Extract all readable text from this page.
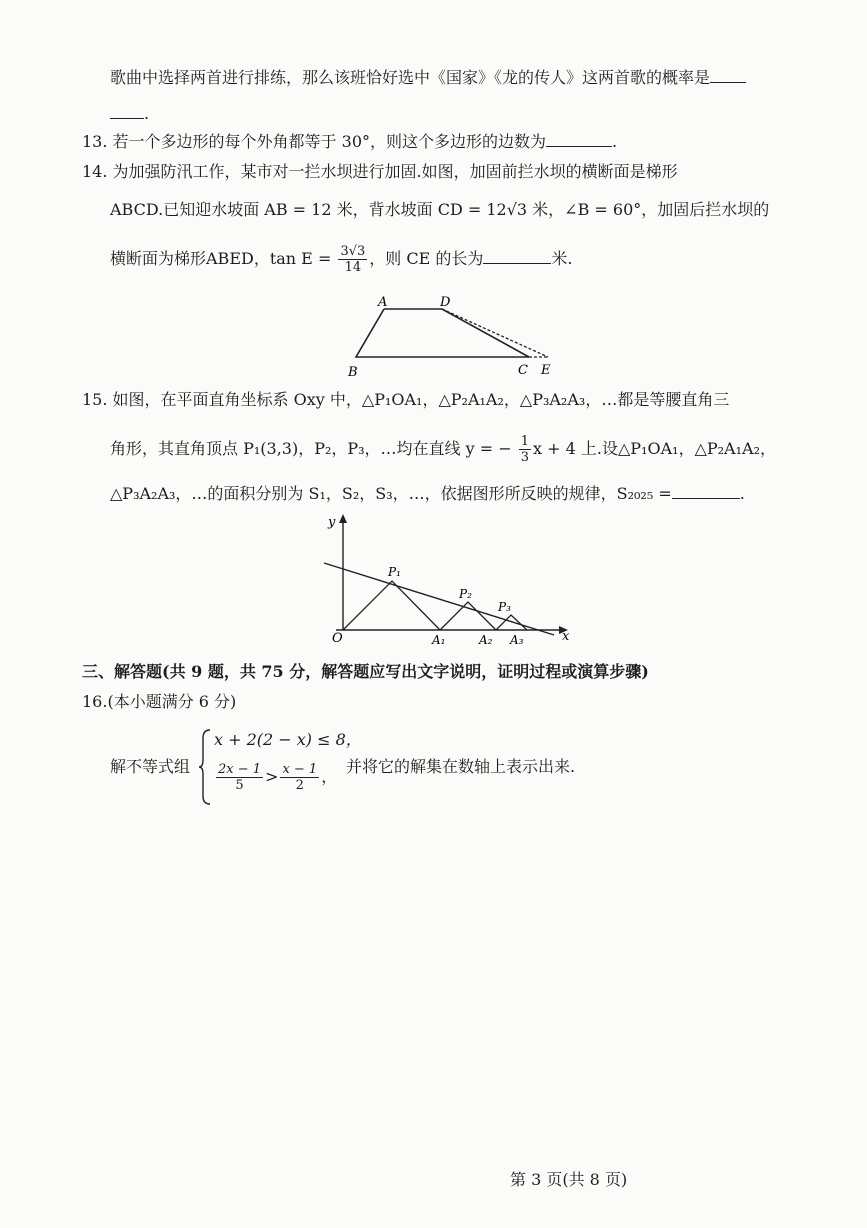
歌曲中选择两首进行排练，那么该班恰好选中《国家》《龙的传人》这两首歌的概率是
.
13. 若一个多边形的每个外角都等于 30°，则这个多边形的边数为	.
14. 为加强防汛工作，某市对一拦水坝进行加固.如图，加固前拦水坝的横断面是梯形
ABCD.已知迎水坡面 AB = 12 米，背水坡面 CD = 12√3 米，∠B = 60°，加固后拦水坝的
横断面为梯形ABED，$\tan E = \frac{3√3}{14}$ ，则 CE 的长为	米.
A	D
B	C E
15. 如图，在平面直角坐标系 Oxy 中，△P₁OA₁，△P₂A₁A₂，△P₃A₂A₃，…都是等腰直角三
角形，其直角顶点 P₁(3,3)，P₂，P₃，…均在直线 y = − $\frac{1}{3}$ x + 4 上.设△P₁OA₁，△P₂A₁A₂，
△P₃A₂A₃，…的面积分别为 S₁，S₂，S₃，…，依据图形所反映的规律，S₂₀₂₅ =	.
y
x
O
P₁
P₂
P₃
A₁	A₂ A₃
三、解答题(共 9 题，共 75 分，解答题应写出文字说明，证明过程或演算步骤)
16.(本小题满分 6 分)
解不等式组
x + 2(2 − x) ≤ 8，
$\frac{2x - 1}{5} > \frac{x - 1}{2}$ ，
并将它的解集在数轴上表示出来.
第 3 页(共 8 页)
